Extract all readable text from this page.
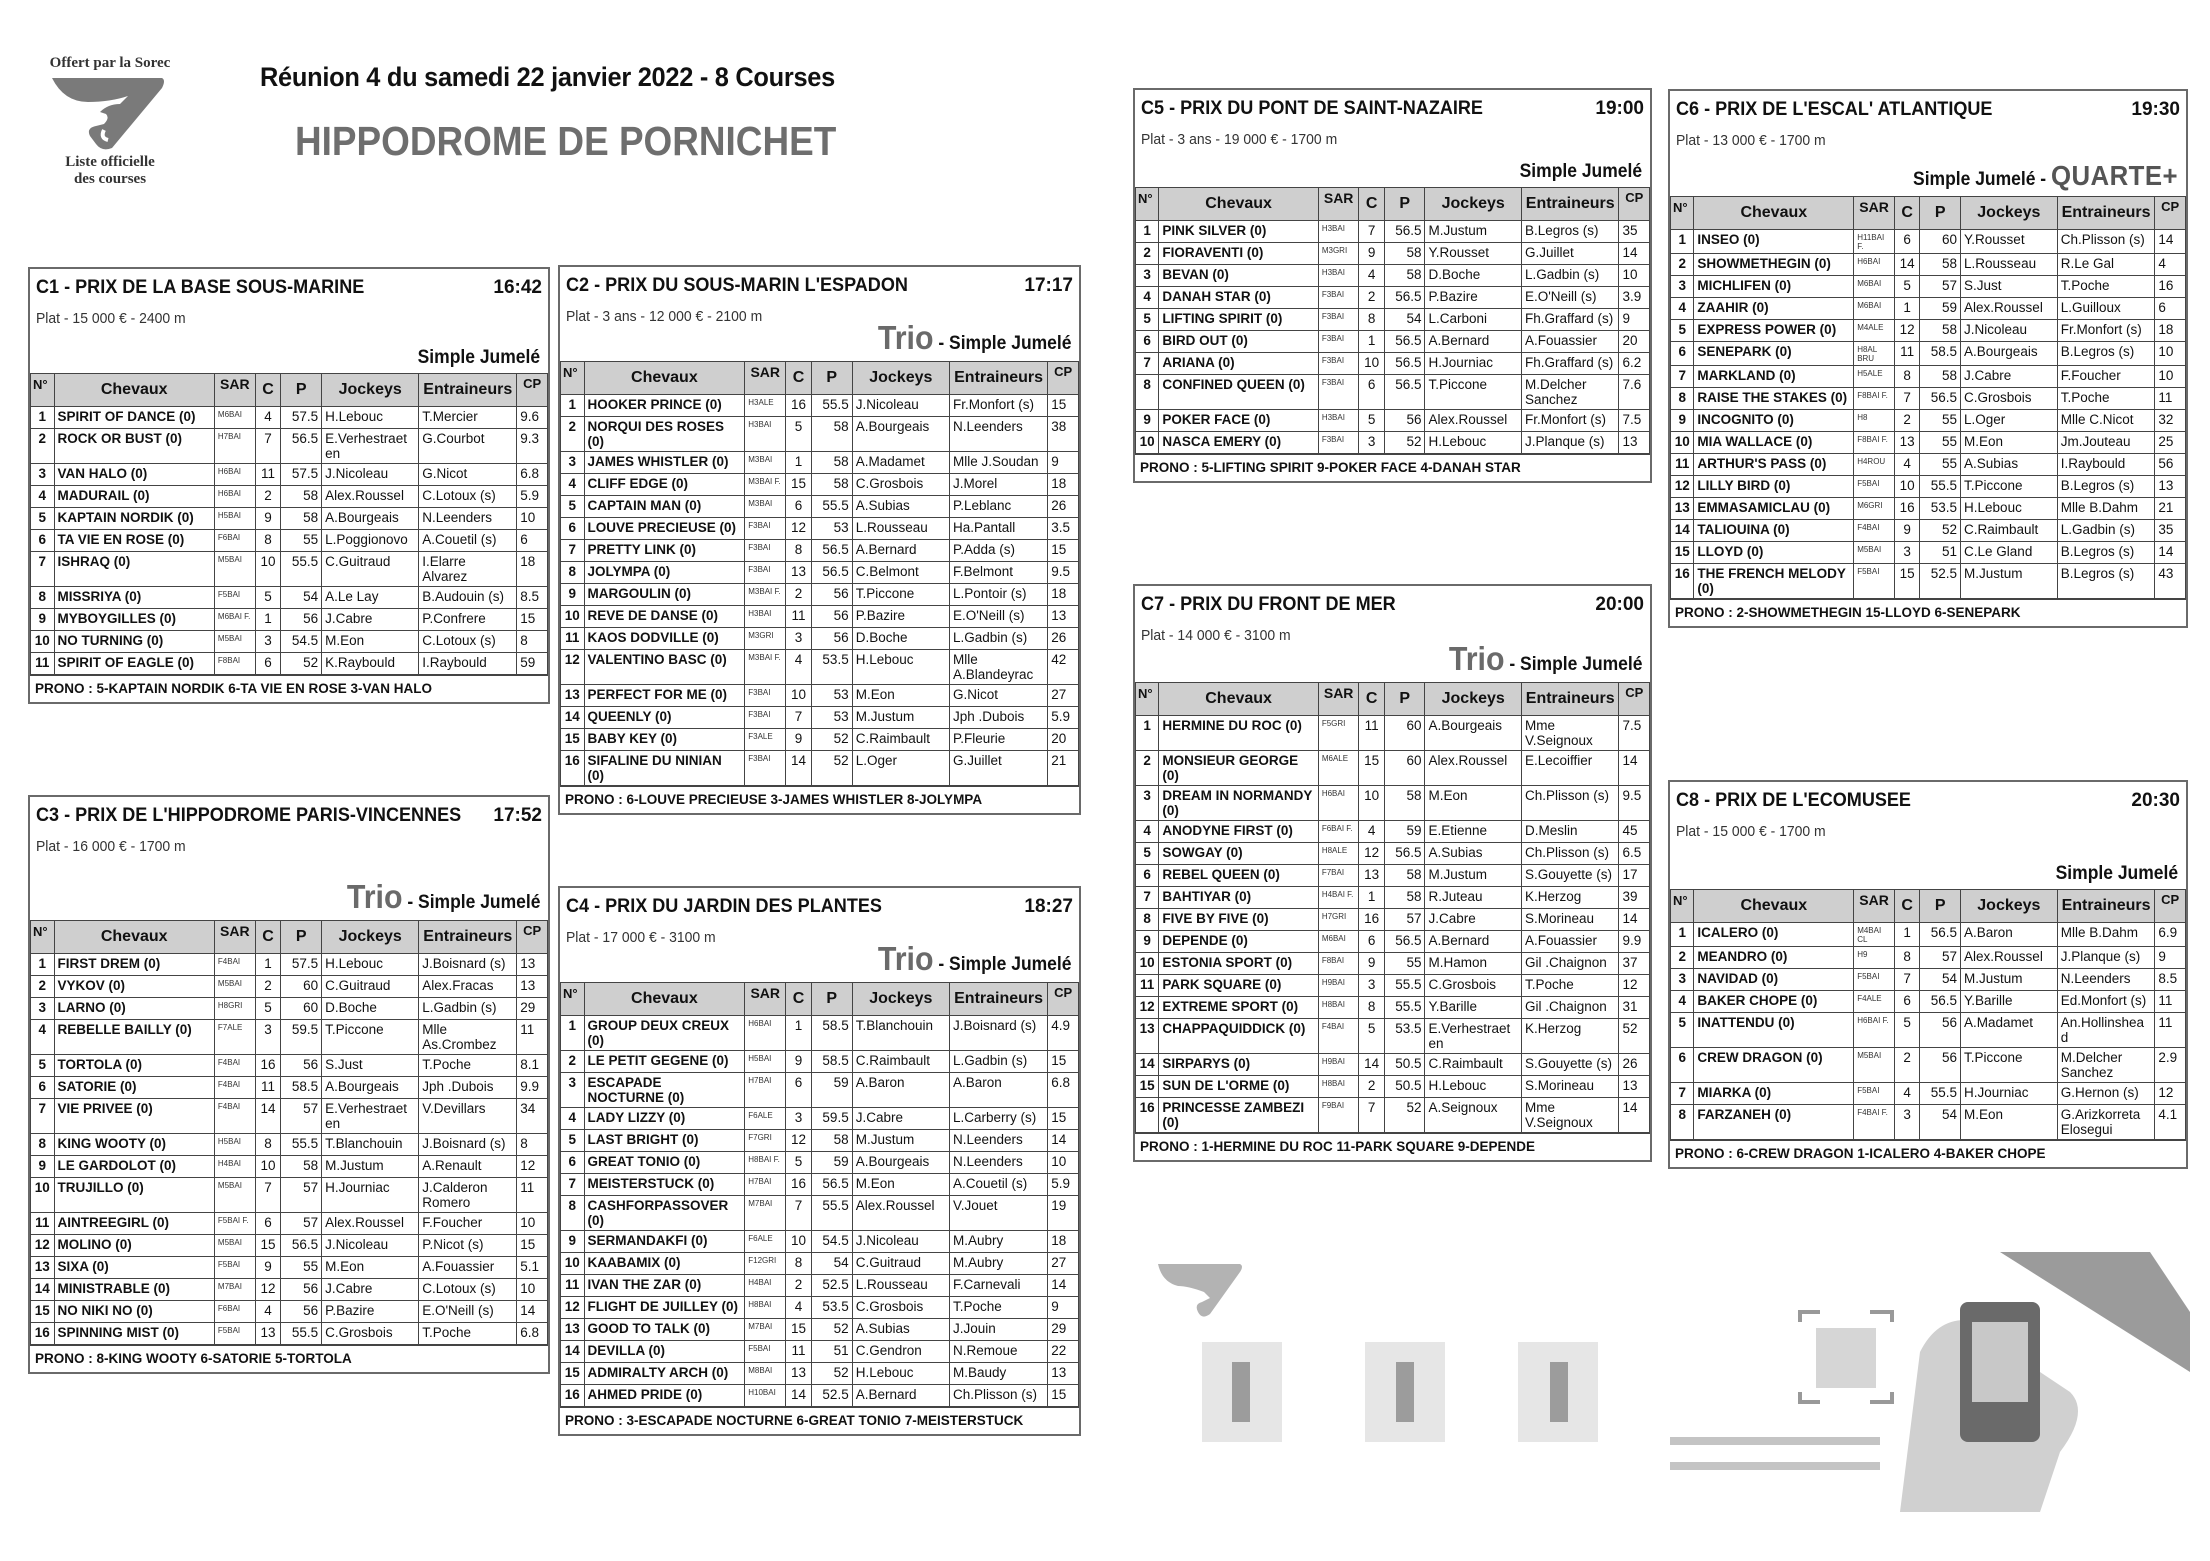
Offert par la Sorec
Liste officielle
des courses
Réunion 4 du samedi 22 janvier 2022 - 8 Courses
HIPPODROME DE PORNICHET
C1 - PRIX DE LA BASE SOUS-MARINE	16:42
Plat - 15 000 € - 2400 m
Simple Jumelé
N°	Chevaux	SAR	C	P	Jockeys	Entraineurs	CP
1	SPIRIT OF DANCE (0)	M6BAI	4	57.5	H.Lebouc	T.Mercier	9.6
2	ROCK OR BUST (0)	H7BAI	7	56.5	E.Verhestraet en	G.Courbot	9.3
3	VAN HALO (0)	H6BAI	11	57.5	J.Nicoleau	G.Nicot	6.8
4	MADURAIL (0)	H6BAI	2	58	Alex.Roussel	C.Lotoux (s)	5.9
5	KAPTAIN NORDIK (0)	H5BAI	9	58	A.Bourgeais	N.Leenders	10
6	TA VIE EN ROSE (0)	F6BAI	8	55	L.Poggionovo	A.Couetil (s)	6
7	ISHRAQ (0)	M5BAI	10	55.5	C.Guitraud	I.Elarre Alvarez	18
8	MISSRIYA (0)	F5BAI	5	54	A.Le Lay	B.Audouin (s)	8.5
9	MYBOYGILLES (0)	M6BAI F.	1	56	J.Cabre	P.Confrere	15
10	NO TURNING (0)	M5BAI	3	54.5	M.Eon	C.Lotoux (s)	8
11	SPIRIT OF EAGLE (0)	F8BAI	6	52	K.Raybould	I.Raybould	59
PRONO : 5-KAPTAIN NORDIK 6-TA VIE EN ROSE 3-VAN HALO
C2 - PRIX DU SOUS-MARIN L'ESPADON	17:17
Plat - 3 ans - 12 000 € - 2100 m
Trio - Simple Jumelé
N°	Chevaux	SAR	C	P	Jockeys	Entraineurs	CP
1	HOOKER PRINCE (0)	H3ALE	16	55.5	J.Nicoleau	Fr.Monfort (s)	15
2	NORQUI DES ROSES (0)	H3BAI	5	58	A.Bourgeais	N.Leenders	38
3	JAMES WHISTLER (0)	M3BAI	1	58	A.Madamet	Mlle J.Soudan	9
4	CLIFF EDGE (0)	M3BAI F.	15	58	C.Grosbois	J.Morel	18
5	CAPTAIN MAN (0)	M3BAI	6	55.5	A.Subias	P.Leblanc	26
6	LOUVE PRECIEUSE (0)	F3BAI	12	53	L.Rousseau	Ha.Pantall	3.5
7	PRETTY LINK (0)	F3BAI	8	56.5	A.Bernard	P.Adda (s)	15
8	JOLYMPA (0)	F3BAI	13	56.5	C.Belmont	F.Belmont	9.5
9	MARGOULIN (0)	M3BAI F.	2	56	T.Piccone	L.Pontoir (s)	18
10	REVE DE DANSE (0)	H3BAI	11	56	P.Bazire	E.O'Neill (s)	13
11	KAOS DODVILLE (0)	M3GRI	3	56	D.Boche	L.Gadbin (s)	26
12	VALENTINO BASC (0)	M3BAI F.	4	53.5	H.Lebouc	Mlle A.Blandeyrac	42
13	PERFECT FOR ME (0)	F3BAI	10	53	M.Eon	G.Nicot	27
14	QUEENLY (0)	F3BAI	7	53	M.Justum	Jph .Dubois	5.9
15	BABY KEY (0)	F3ALE	9	52	C.Raimbault	P.Fleurie	20
16	SIFALINE DU NINIAN (0)	F3BAI	14	52	L.Oger	G.Juillet	21
PRONO : 6-LOUVE PRECIEUSE 3-JAMES WHISTLER 8-JOLYMPA
C3 - PRIX DE L'HIPPODROME PARIS-VINCENNES 17:52
Plat - 16 000 € - 1700 m
Trio - Simple Jumelé
N°	Chevaux	SAR	C	P	Jockeys	Entraineurs	CP
1	FIRST DREM (0)	F4BAI	1	57.5	H.Lebouc	J.Boisnard (s)	13
2	VYKOV (0)	M5BAI	2	60	C.Guitraud	Alex.Fracas	13
3	LARNO (0)	H8GRI	5	60	D.Boche	L.Gadbin (s)	29
4	REBELLE BAILLY (0)	F7ALE	3	59.5	T.Piccone	Mlle As.Crombez	11
5	TORTOLA (0)	F4BAI	16	56	S.Just	T.Poche	8.1
6	SATORIE (0)	F4BAI	11	58.5	A.Bourgeais	Jph .Dubois	9.9
7	VIE PRIVEE (0)	F4BAI	14	57	E.Verhestraet en	V.Devillars	34
8	KING WOOTY (0)	H5BAI	8	55.5	T.Blanchouin	J.Boisnard (s)	8
9	LE GARDOLOT (0)	H4BAI	10	58	M.Justum	A.Renault	12
10	TRUJILLO (0)	M5BAI	7	57	H.Journiac	J.Calderon Romero	11
11	AINTREEGIRL (0)	F5BAI F.	6	57	Alex.Roussel	F.Foucher	10
12	MOLINO (0)	M5BAI	15	56.5	J.Nicoleau	P.Nicot (s)	15
13	SIXA (0)	F5BAI	9	55	M.Eon	A.Fouassier	5.1
14	MINISTRABLE (0)	M7BAI	12	56	J.Cabre	C.Lotoux (s)	10
15	NO NIKI NO (0)	F6BAI	4	56	P.Bazire	E.O'Neill (s)	14
16	SPINNING MIST (0)	F5BAI	13	55.5	C.Grosbois	T.Poche	6.8
PRONO : 8-KING WOOTY 6-SATORIE 5-TORTOLA
C4 - PRIX DU JARDIN DES PLANTES	18:27
Plat - 17 000 € - 3100 m
Trio - Simple Jumelé
N°	Chevaux	SAR	C	P	Jockeys	Entraineurs	CP
1	GROUP DEUX CREUX (0)	H6BAI	1	58.5	T.Blanchouin	J.Boisnard (s)	4.9
2	LE PETIT GEGENE (0)	H5BAI	9	58.5	C.Raimbault	L.Gadbin (s)	15
3	ESCAPADE NOCTURNE (0)	H7BAI	6	59	A.Baron	A.Baron	6.8
4	LADY LIZZY (0)	F6ALE	3	59.5	J.Cabre	L.Carberry (s)	15
5	LAST BRIGHT (0)	F7GRI	12	58	M.Justum	N.Leenders	14
6	GREAT TONIO (0)	H8BAI F.	5	59	A.Bourgeais	N.Leenders	10
7	MEISTERSTUCK (0)	H7BAI	16	56.5	M.Eon	A.Couetil (s)	5.9
8	CASHFORPASSOVER (0)	M7BAI	7	55.5	Alex.Roussel	V.Jouet	19
9	SERMANDAKFI (0)	F6ALE	10	54.5	J.Nicoleau	M.Aubry	18
10	KAABAMIX (0)	F12GRI	8	54	C.Guitraud	M.Aubry	27
11	IVAN THE ZAR (0)	H4BAI	2	52.5	L.Rousseau	F.Carnevali	14
12	FLIGHT DE JUILLEY (0)	H8BAI	4	53.5	C.Grosbois	T.Poche	9
13	GOOD TO TALK (0)	M7BAI	15	52	A.Subias	J.Jouin	29
14	DEVILLA (0)	F5BAI	11	51	C.Gendron	N.Remoue	22
15	ADMIRALTY ARCH (0)	M8BAI	13	52	H.Lebouc	M.Baudy	13
16	AHMED PRIDE (0)	H10BAI	14	52.5	A.Bernard	Ch.Plisson (s)	15
PRONO : 3-ESCAPADE NOCTURNE 6-GREAT TONIO 7-MEISTERSTUCK
C5 - PRIX DU PONT DE SAINT-NAZAIRE	19:00
Plat - 3 ans - 19 000 € - 1700 m
Simple Jumelé
N°	Chevaux	SAR	C	P	Jockeys	Entraineurs	CP
1	PINK SILVER (0)	H3BAI	7	56.5	M.Justum	B.Legros (s)	35
2	FIORAVENTI (0)	M3GRI	9	58	Y.Rousset	G.Juillet	14
3	BEVAN (0)	H3BAI	4	58	D.Boche	L.Gadbin (s)	10
4	DANAH STAR (0)	F3BAI	2	56.5	P.Bazire	E.O'Neill (s)	3.9
5	LIFTING SPIRIT (0)	F3BAI	8	54	L.Carboni	Fh.Graffard (s)	9
6	BIRD OUT (0)	F3BAI	1	56.5	A.Bernard	A.Fouassier	20
7	ARIANA (0)	F3BAI	10	56.5	H.Journiac	Fh.Graffard (s)	6.2
8	CONFINED QUEEN (0)	F3BAI	6	56.5	T.Piccone	M.Delcher Sanchez	7.6
9	POKER FACE (0)	H3BAI	5	56	Alex.Roussel	Fr.Monfort (s)	7.5
10	NASCA EMERY (0)	F3BAI	3	52	H.Lebouc	J.Planque (s)	13
PRONO : 5-LIFTING SPIRIT 9-POKER FACE 4-DANAH STAR
C6 - PRIX DE L'ESCAL' ATLANTIQUE	19:30
Plat - 13 000 € - 1700 m
Simple Jumelé - QUARTE+
N°	Chevaux	SAR	C	P	Jockeys	Entraineurs	CP
1	INSEO (0)	H11BAI F.	6	60	Y.Rousset	Ch.Plisson (s)	14
2	SHOWMETHEGIN (0)	H6BAI	14	58	L.Rousseau	R.Le Gal	4
3	MICHLIFEN (0)	M6BAI	5	57	S.Just	T.Poche	16
4	ZAAHIR (0)	M6BAI	1	59	Alex.Roussel	L.Guilloux	6
5	EXPRESS POWER (0)	M4ALE	12	58	J.Nicoleau	Fr.Monfort (s)	18
6	SENEPARK (0)	H8AL BRU	11	58.5	A.Bourgeais	B.Legros (s)	10
7	MARKLAND (0)	H5ALE	8	58	J.Cabre	F.Foucher	10
8	RAISE THE STAKES (0)	F8BAI F.	7	56.5	C.Grosbois	T.Poche	11
9	INCOGNITO (0)	H8	2	55	L.Oger	Mlle C.Nicot	32
10	MIA WALLACE (0)	F8BAI F.	13	55	M.Eon	Jm.Jouteau	25
11	ARTHUR'S PASS (0)	H4ROU	4	55	A.Subias	I.Raybould	56
12	LILLY BIRD (0)	F5BAI	10	55.5	T.Piccone	B.Legros (s)	13
13	EMMASAMICLAU (0)	M6GRI	16	53.5	H.Lebouc	Mlle B.Dahm	21
14	TALIOUINA (0)	F4BAI	9	52	C.Raimbault	L.Gadbin (s)	35
15	LLOYD (0)	M5BAI	3	51	C.Le Gland	B.Legros (s)	14
16	THE FRENCH MELODY (0)	F5BAI	15	52.5	M.Justum	B.Legros (s)	43
PRONO : 2-SHOWMETHEGIN 15-LLOYD 6-SENEPARK
C7 - PRIX DU FRONT DE MER	20:00
Plat - 14 000 € - 3100 m
Trio - Simple Jumelé
N°	Chevaux	SAR	C	P	Jockeys	Entraineurs	CP
1	HERMINE DU ROC (0)	F5GRI	11	60	A.Bourgeais	Mme V.Seignoux	7.5
2	MONSIEUR GEORGE (0)	M6ALE	15	60	Alex.Roussel	E.Lecoiffier	14
3	DREAM IN NORMANDY (0)	H6BAI	10	58	M.Eon	Ch.Plisson (s)	9.5
4	ANODYNE FIRST (0)	F6BAI F.	4	59	E.Etienne	D.Meslin	45
5	SOWGAY (0)	H8ALE	12	56.5	A.Subias	Ch.Plisson (s)	6.5
6	REBEL QUEEN (0)	F7BAI	13	58	M.Justum	S.Gouyette (s)	17
7	BAHTIYAR (0)	H4BAI F.	1	58	R.Juteau	K.Herzog	39
8	FIVE BY FIVE (0)	H7GRI	16	57	J.Cabre	S.Morineau	14
9	DEPENDE (0)	M6BAI	6	56.5	A.Bernard	A.Fouassier	9.9
10	ESTONIA SPORT (0)	F8BAI	9	55	M.Hamon	Gil .Chaignon	37
11	PARK SQUARE (0)	H9BAI	3	55.5	C.Grosbois	T.Poche	12
12	EXTREME SPORT (0)	H8BAI	8	55.5	Y.Barille	Gil .Chaignon	31
13	CHAPPAQUIDDICK (0)	F4BAI	5	53.5	E.Verhestraet en	K.Herzog	52
14	SIRPARYS (0)	H9BAI	14	50.5	C.Raimbault	S.Gouyette (s)	26
15	SUN DE L'ORME (0)	H8BAI	2	50.5	H.Lebouc	S.Morineau	13
16	PRINCESSE ZAMBEZI (0)	F9BAI	7	52	A.Seignoux	Mme V.Seignoux	14
PRONO : 1-HERMINE DU ROC 11-PARK SQUARE 9-DEPENDE
C8 - PRIX DE L'ECOMUSEE	20:30
Plat - 15 000 € - 1700 m
Simple Jumelé
N°	Chevaux	SAR	C	P	Jockeys	Entraineurs	CP
1	ICALERO (0)	M4BAI CL	1	56.5	A.Baron	Mlle B.Dahm	6.9
2	MEANDRO (0)	H9	8	57	Alex.Roussel	J.Planque (s)	9
3	NAVIDAD (0)	F5BAI	7	54	M.Justum	N.Leenders	8.5
4	BAKER CHOPE (0)	F4ALE	6	56.5	Y.Barille	Ed.Monfort (s)	11
5	INATTENDU (0)	H6BAI F.	5	56	A.Madamet	An.Hollinshea d	11
6	CREW DRAGON (0)	M5BAI	2	56	T.Piccone	M.Delcher Sanchez	2.9
7	MIARKA (0)	F5BAI	4	55.5	H.Journiac	G.Hernon (s)	12
8	FARZANEH (0)	F4BAI F.	3	54	M.Eon	G.Arizkorreta Elosegui	4.1
PRONO : 6-CREW DRAGON 1-ICALERO 4-BAKER CHOPE
